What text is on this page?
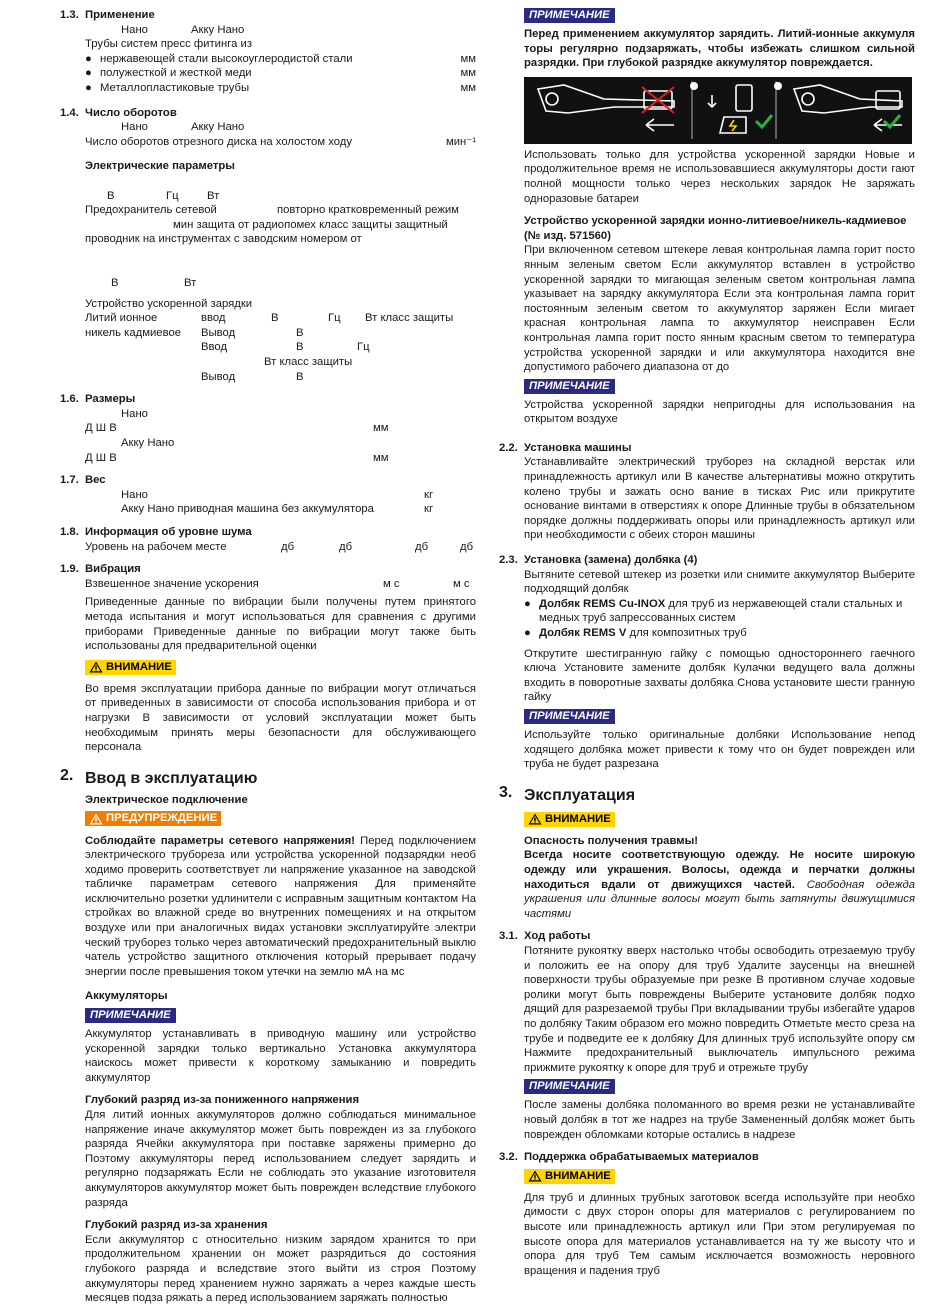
1.3. Применение
Нано	Акку Нано
Трубы систем пресс фитинга из
● нержавеющей стали высокоуглеродистой стали	мм
● полужесткой и жесткой меди	мм
● Металлопластиковые трубы	мм
1.4. Число оборотов
Нано	Акку Нано
Число оборотов отрезного диска на холостом ходу	мин⁻¹
Электрические параметры
В	Гц	Вт
Предохранитель сетевой	повторно кратковременный режим
мин защита от радиопомех класс защиты защитный
проводник на инструментах с заводским номером от
В	Вт
Устройство ускоренной зарядки
Литий ионное	ввод	В	Гц Вт класс защиты
никель кадмиевое Вывод	В
Ввод	В	Гц
Вт класс защиты
Вывод	В
1.6. Размеры
Нано
Д Ш В	мм
Акку Нано
Д Ш В	мм
1.7. Вес
Нано	кг
Акку Нано приводная машина без аккумулятора	кг
1.8. Информация об уровне шума
Уровень на рабочем месте	дб	дб	дб	дб
1.9. Вибрация
Взвешенное значение ускорения	м с	м с
Приведенные данные по вибрации были получены путем принятого метода испытания и могут использоваться для сравнения с другими приборами Приведенные данные по вибрации могут также быть использованы для предварительной оценки
ВНИМАНИЕ
Во время эксплуатации прибора данные по вибрации могут отличаться от приведенных в зависимости от способа использования прибора и от нагрузки В зависимости от условий эксплуатации может быть необходимым принять меры безопасности для обслуживающего персонала
2. Ввод в эксплуатацию
Электрическое подключение
ПРЕДУПРЕЖДЕНИЕ
Соблюдайте параметры сетевого напряжения! Перед подключением электрического трубореза или устройства ускоренной подзарядки необ ходимо проверить соответствует ли напряжение указанное на заводской табличке параметрам сетевого напряжения Для применяйте исключительно розетки удлинители с исправным защитным контактом На стройках во влажной среде во внутренних помещениях и на открытом воздухе или при аналогичных видах установки эксплуатируйте электри ческий труборез только через автоматический предохранительный выклю чатель устройство защитного отключения который прерывает подачу энергии после превышения током утечки на землю мА на мс
Аккумуляторы
ПРИМЕЧАНИЕ
Аккумулятор устанавливать в приводную машину или устройство ускоренной зарядки только вертикально Установка аккумулятора наискось может привести к короткому замыканию и повредить аккумулятор
Глубокий разряд из-за пониженного напряжения
Для литий ионных аккумуляторов должно соблюдаться минимальное напряжение иначе аккумулятор может быть поврежден из за глубокого разряда Ячейки аккумулятора при поставке заряжены примерно до Поэтому аккумуляторы перед использованием следует зарядить и регулярно подзаряжать Если не соблюдать это указание изготовителя аккумуляторов аккумулятор может быть поврежден вследствие глубокого разряда
Глубокий разряд из-за хранения
Если аккумулятор с относительно низким зарядом хранится то при продолжительном хранении он может разрядиться до состояния глубокого разряда и вследствие этого выйти из строя Поэтому аккумуляторы перед хранением нужно заряжать а через каждые шесть месяцев подза ряжать а перед использованием заряжать полностью
ПРИМЕЧАНИЕ
Перед применением аккумулятор зарядить. Литий-ионные аккумуля торы регулярно подзаряжать, чтобы избежать слишком сильной разрядки. При глубокой разрядке аккумулятор повреждается.
Использовать только для устройства ускоренной зарядки Новые и продолжительное время не использовавшиеся аккумуляторы дости гают полной мощности только через нескольких зарядок Не заряжать одноразовые батареи
Устройство ускоренной зарядки ионно-литиевое/никель-кадмиевое (№ изд. 571560)
При включенном сетевом штекере левая контрольная лампа горит посто янным зеленым светом Если аккумулятор вставлен в устройство ускоренной зарядки то мигающая зеленым светом контрольная лампа указывает на зарядку аккумулятора Если эта контрольная лампа горит постоянным зеленым светом то аккумулятор заряжен Если мигает красная контрольная лампа то аккумулятор неисправен Если контрольная лампа горит посто янным красным светом то температура устройства ускоренной зарядки и или аккумулятора находится вне допустимого рабочего диапазона от до
ПРИМЕЧАНИЕ
Устройства ускоренной зарядки непригодны для использования на открытом воздухе
2.2. Установка машины
Устанавливайте электрический труборез на складной верстак или принадлежность артикул или В качестве альтернативы можно открутить колено трубы и зажать осно вание в тисках Рис или прикрутите основание винтами в отверстиях к опоре Длинные трубы в обязательном порядке должны поддерживать опоры или принадлежность артикул или при необходимости с обеих сторон машины
2.3. Установка (замена) долбяка (4)
Вытяните сетевой штекер из розетки или снимите аккумулятор Выберите подходящий долбяк
● Долбяк REMS Cu-INOX для труб из нержавеющей стали стальных и медных труб запрессованных систем
● Долбяк REMS V для композитных труб
Открутите шестигранную гайку с помощью одностороннего гаечного ключа Установите замените долбяк Кулачки ведущего вала должны входить в поворотные захваты долбяка Снова установите шести гранную гайку
ПРИМЕЧАНИЕ
Используйте только оригинальные долбяки Использование непод ходящего долбяка может привести к тому что он будет поврежден или труба не будет разрезана
3. Эксплуатация
ВНИМАНИЕ
Опасность получения травмы!
Всегда носите соответствующую одежду. Не носите широкую одежду или украшения. Волосы, одежда и перчатки должны находиться вдали от движущихся частей. Свободная одежда украшения или длинные волосы могут быть затянуты движущимися частями
3.1. Ход работы
Потяните рукоятку вверх настолько чтобы освободить отрезаемую трубу и положить ее на опору для труб Удалите заусенцы на внешней поверхности трубы образуемые при резке В противном случае ходовые ролики могут быть повреждены Выберите установите долбяк подхо дящий для разрезаемой трубы При вкладывании трубы избегайте ударов по долбяку Таким образом его можно повредить Отметьте место среза на трубе и подведите ее к долбяку Для длинных труб используйте опору см Нажмите предохранительный выключатель импульсного режима прижмите рукоятку к опоре для труб и отрежьте трубу
ПРИМЕЧАНИЕ
После замены долбяка поломанного во время резки не устанавливайте новый долбяк в тот же надрез на трубе Замененный долбяк может быть поврежден обломками которые остались в надрезе
3.2. Поддержка обрабатываемых материалов
ВНИМАНИЕ
Для труб и длинных трубных заготовок всегда используйте при необхо димости с двух сторон опоры для материалов с регулированием по высоте или принадлежность артикул или При этом регулируемая по высоте опора для материалов устанавливается на ту же высоту что и опора для труб Тем самым исключается возможность неровного вращения и падения труб
